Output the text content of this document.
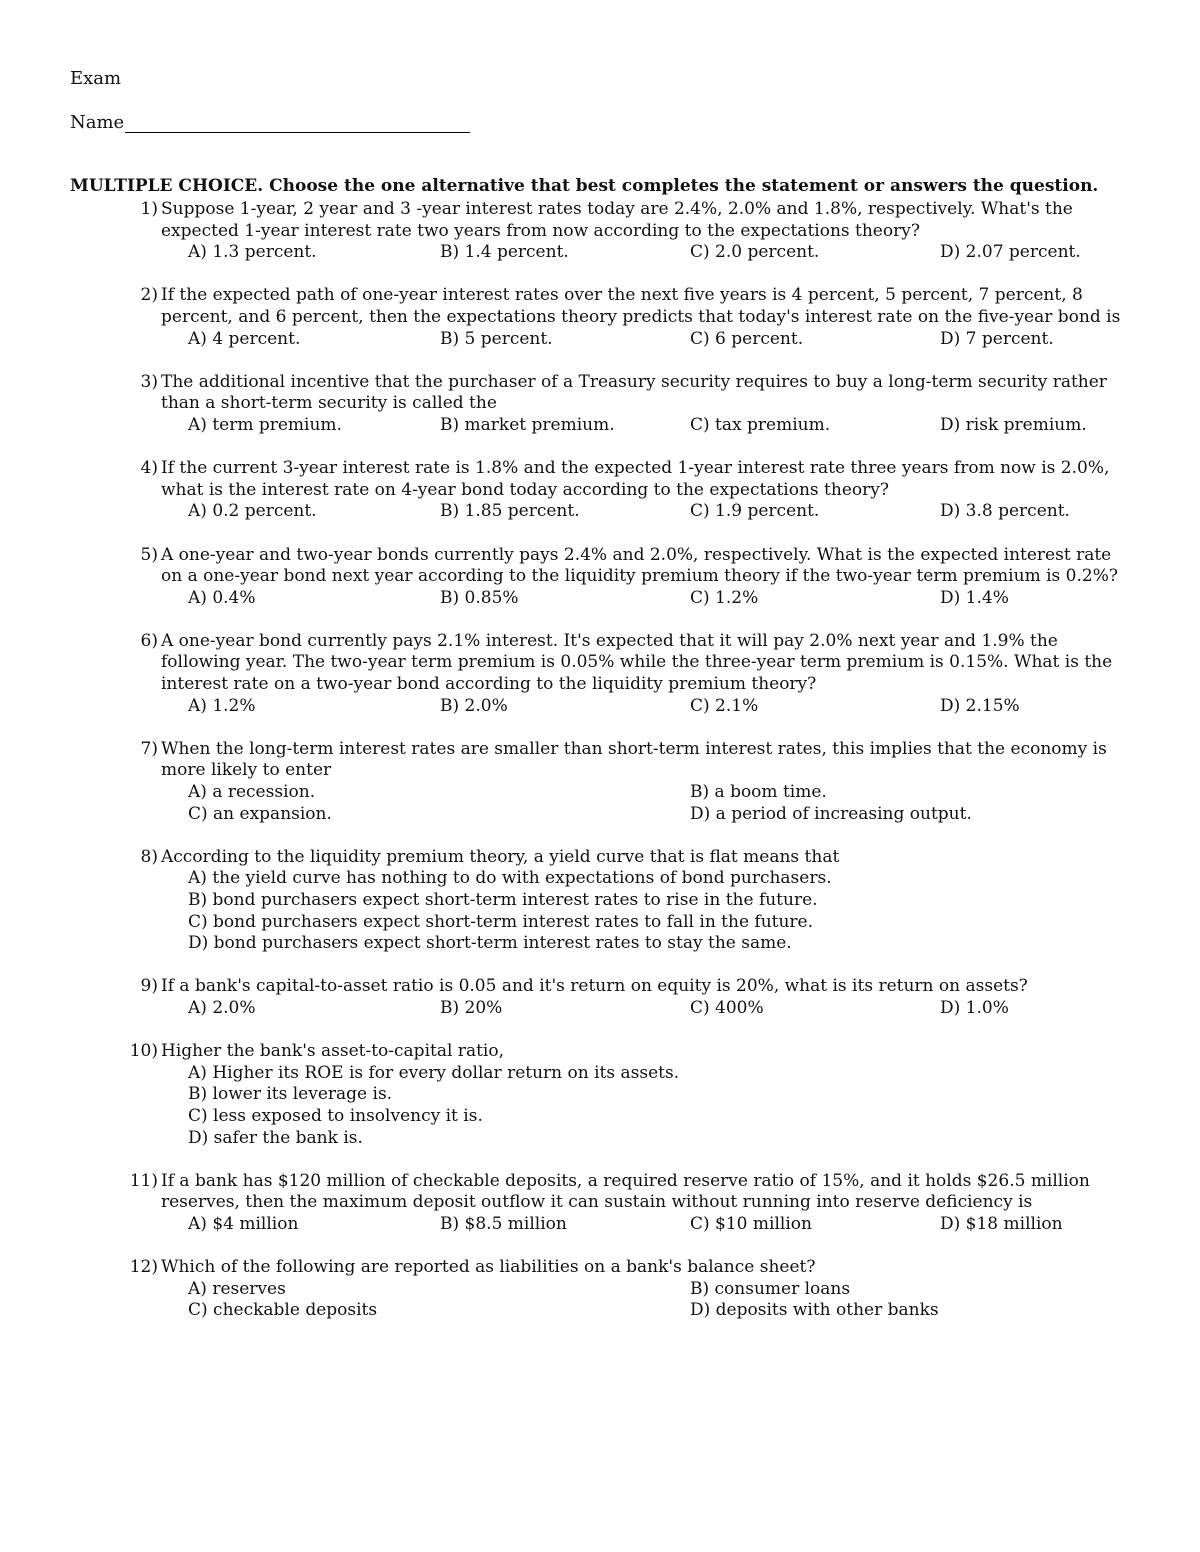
Exam
Name
MULTIPLE CHOICE. Choose the one alternative that best completes the statement or answers the question.
1) Suppose 1-year, 2 year and 3 -year interest rates today are 2.4%, 2.0% and 1.8%, respectively. What's the
expected 1-year interest rate two years from now according to the expectations theory?
A) 1.3 percent.	B) 1.4 percent.	C) 2.0 percent.	D) 2.07 percent.
2) If the expected path of one-year interest rates over the next five years is 4 percent, 5 percent, 7 percent, 8
percent, and 6 percent, then the expectations theory predicts that today's interest rate on the five-year bond is
A) 4 percent.	B) 5 percent.	C) 6 percent.	D) 7 percent.
3) The additional incentive that the purchaser of a Treasury security requires to buy a long-term security rather
than a short-term security is called the
A) term premium.	B) market premium.	C) tax premium.	D) risk premium.
4) If the current 3-year interest rate is 1.8% and the expected 1-year interest rate three years from now is 2.0%,
what is the interest rate on 4-year bond today according to the expectations theory?
A) 0.2 percent.	B) 1.85 percent.	C) 1.9 percent.	D) 3.8 percent.
5) A one-year and two-year bonds currently pays 2.4% and 2.0%, respectively. What is the expected interest rate
on a one-year bond next year according to the liquidity premium theory if the two-year term premium is 0.2%?
A) 0.4%	B) 0.85%	C) 1.2%	D) 1.4%
6) A one-year bond currently pays 2.1% interest. It's expected that it will pay 2.0% next year and 1.9% the
following year. The two-year term premium is 0.05% while the three-year term premium is 0.15%. What is the
interest rate on a two-year bond according to the liquidity premium theory?
A) 1.2%	B) 2.0%	C) 2.1%	D) 2.15%
7) When the long-term interest rates are smaller than short-term interest rates, this implies that the economy is
more likely to enter
A) a recession.	B) a boom time.
C) an expansion.	D) a period of increasing output.
8) According to the liquidity premium theory, a yield curve that is flat means that
A) the yield curve has nothing to do with expectations of bond purchasers.
B) bond purchasers expect short-term interest rates to rise in the future.
C) bond purchasers expect short-term interest rates to fall in the future.
D) bond purchasers expect short-term interest rates to stay the same.
9) If a bank's capital-to-asset ratio is 0.05 and it's return on equity is 20%, what is its return on assets?
A) 2.0%	B) 20%	C) 400%	D) 1.0%
10) Higher the bank's asset-to-capital ratio,
A) Higher its ROE is for every dollar return on its assets.
B) lower its leverage is.
C) less exposed to insolvency it is.
D) safer the bank is.
11) If a bank has $120 million of checkable deposits, a required reserve ratio of 15%, and it holds $26.5 million
reserves, then the maximum deposit outflow it can sustain without running into reserve deficiency is
A) $4 million	B) $8.5 million	C) $10 million	D) $18 million
12) Which of the following are reported as liabilities on a bank's balance sheet?
A) reserves	B) consumer loans
C) checkable deposits	D) deposits with other banks
